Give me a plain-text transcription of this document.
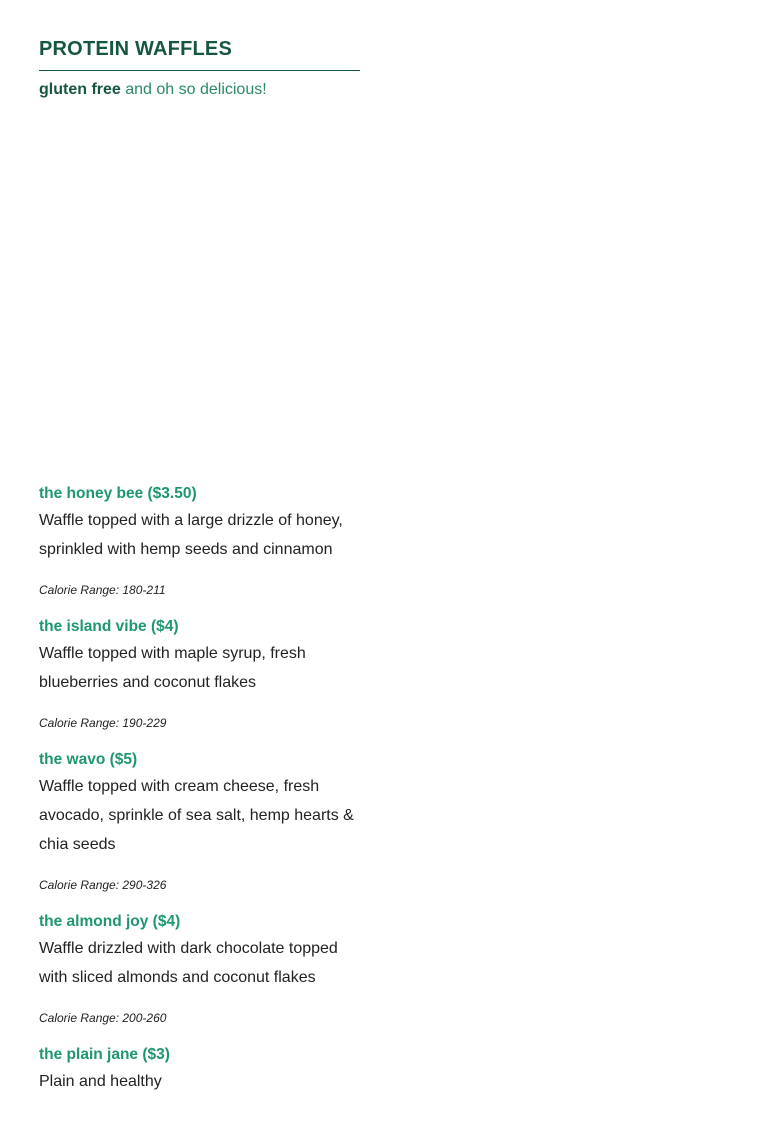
PROTEIN WAFFLES

gluten free and oh so delicious!

the honey bee ($3.50)

Waffle topped with a large drizzle of honey, sprinkled with hemp seeds and cinnamon

Calorie Range: 180-211

the island vibe ($4)

Waffle topped with maple syrup, fresh blueberries and coconut flakes

Calorie Range: 190-229

the wavo ($5)

Waffle topped with cream cheese, fresh avocado, sprinkle of sea salt, hemp hearts & chia seeds

Calorie Range: 290-326

the almond joy ($4)

Waffle drizzled with dark chocolate topped with sliced almonds and coconut flakes

Calorie Range: 200-260

the plain jane ($3)

Plain and healthy
